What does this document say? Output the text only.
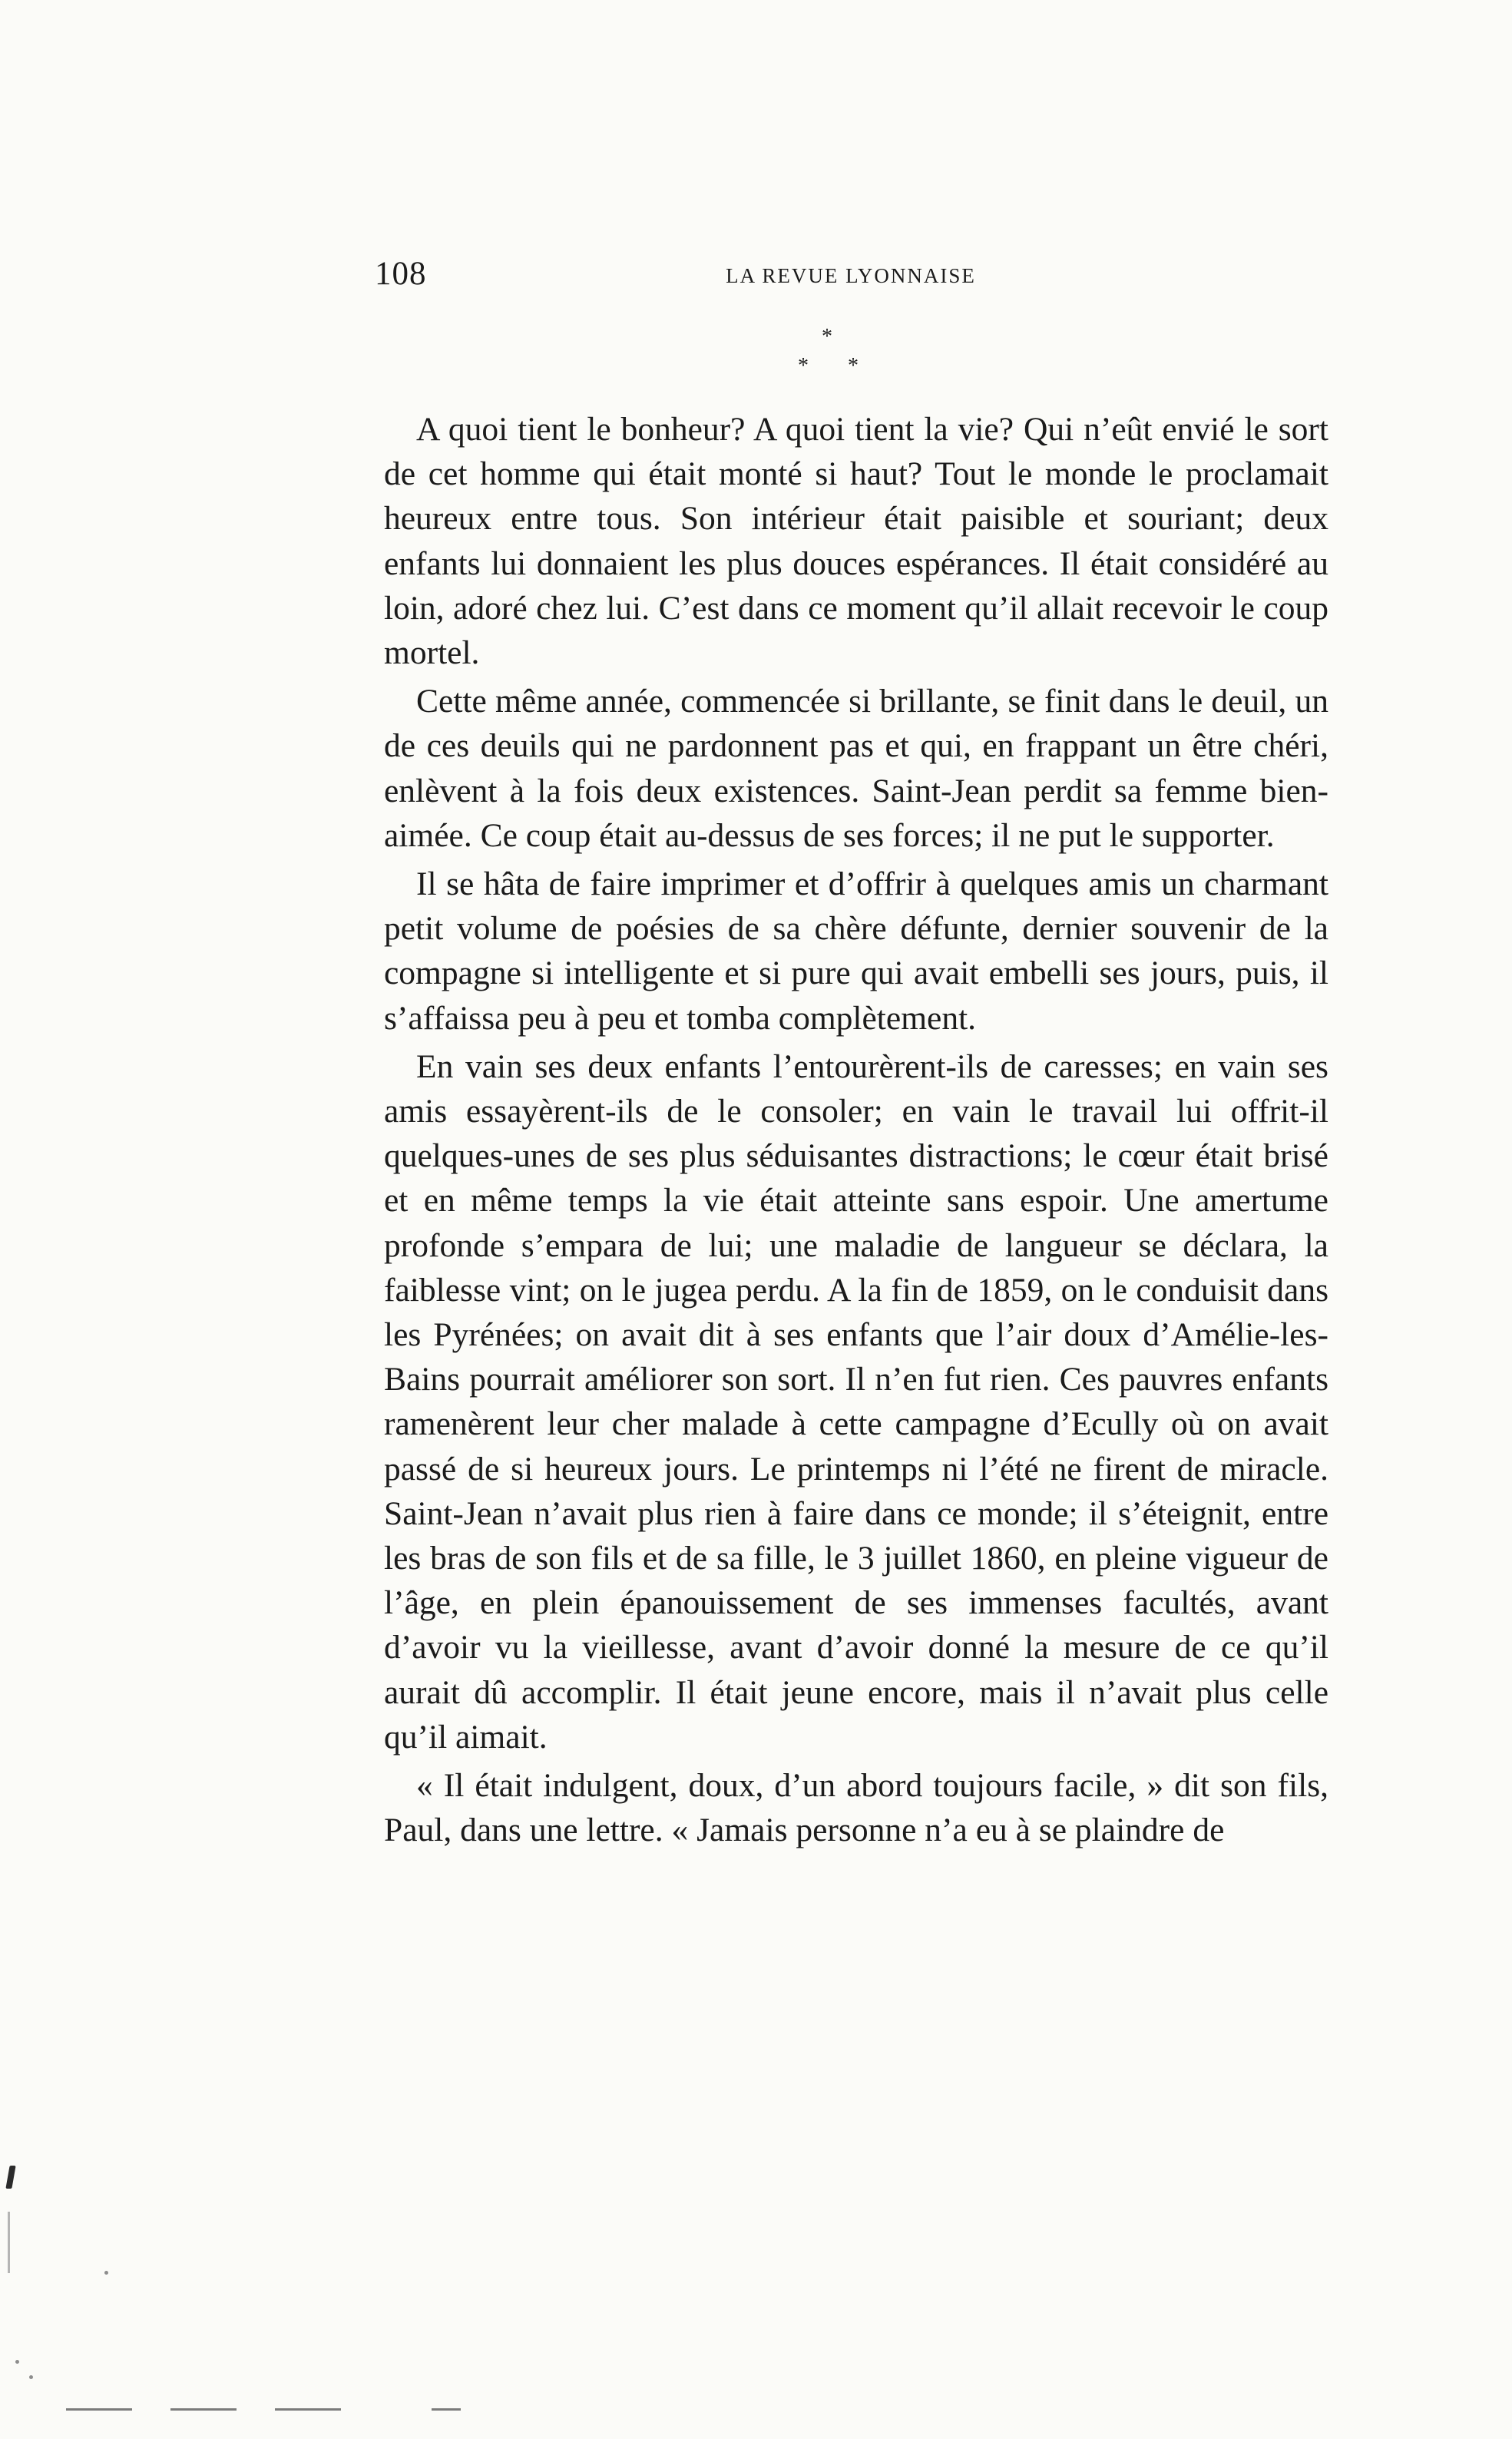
108	LA REVUE LYONNAISE
*
* *

A quoi tient le bonheur? A quoi tient la vie? Qui n’eût envié le sort de cet homme qui était monté si haut? Tout le monde le proclamait heureux entre tous. Son intérieur était paisible et souriant; deux enfants lui donnaient les plus douces espérances. Il était considéré au loin, adoré chez lui. C’est dans ce moment qu’il allait recevoir le coup mortel.

Cette même année, commencée si brillante, se finit dans le deuil, un de ces deuils qui ne pardonnent pas et qui, en frappant un être chéri, enlèvent à la fois deux existences. Saint-Jean perdit sa femme bien-aimée. Ce coup était au-dessus de ses forces; il ne put le supporter.

Il se hâta de faire imprimer et d’offrir à quelques amis un charmant petit volume de poésies de sa chère défunte, dernier souvenir de la compagne si intelligente et si pure qui avait embelli ses jours, puis, il s’affaissa peu à peu et tomba complètement.

En vain ses deux enfants l’entourèrent-ils de caresses; en vain ses amis essayèrent-ils de le consoler; en vain le travail lui offrit-il quelques-unes de ses plus séduisantes distractions; le cœur était brisé et en même temps la vie était atteinte sans espoir. Une amertume profonde s’empara de lui; une maladie de langueur se déclara, la faiblesse vint; on le jugea perdu. A la fin de 1859, on le conduisit dans les Pyrénées; on avait dit à ses enfants que l’air doux d’Amélie-les-Bains pourrait améliorer son sort. Il n’en fut rien. Ces pauvres enfants ramenèrent leur cher malade à cette campagne d’Ecully où on avait passé de si heureux jours. Le printemps ni l’été ne firent de miracle. Saint-Jean n’avait plus rien à faire dans ce monde; il s’éteignit, entre les bras de son fils et de sa fille, le 3 juillet 1860, en pleine vigueur de l’âge, en plein épanouissement de ses immenses facultés, avant d’avoir vu la vieillesse, avant d’avoir donné la mesure de ce qu’il aurait dû accomplir. Il était jeune encore, mais il n’avait plus celle qu’il aimait.

« Il était indulgent, doux, d’un abord toujours facile, » dit son fils, Paul, dans une lettre. « Jamais personne n’a eu à se plaindre de
